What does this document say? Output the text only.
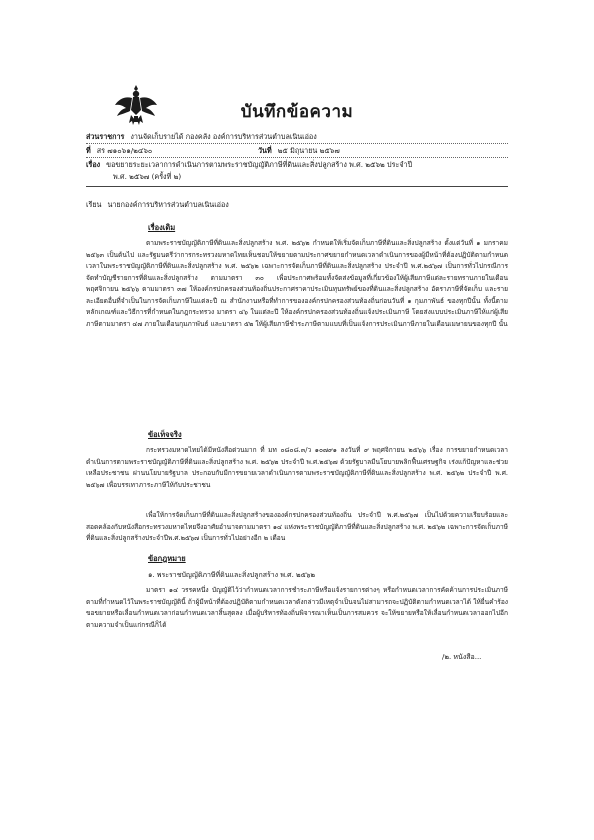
บันทึกข้อความ
ส่วนราชการ งานจัดเก็บรายได้ กองคลัง องค์การบริหารส่วนตำบลเนินเอ่อง
ที่ สร ๗๑๐๖๑/๒๔๖๐	วันที่ ๒๕ มิถุนายน ๒๕๖๗
เรื่อง ขอขยายระยะเวลาการดำเนินการตามพระราชบัญญัติภาษีที่ดินและสิ่งปลูกสร้าง พ.ศ. ๒๕๖๒ ประจำปี
พ.ศ. ๒๕๖๗ (ครั้งที่ ๒)
เรียน นายกองค์การบริหารส่วนตำบลเนินเอ่อง
เรื่องเดิม
ตามพระราชบัญญัติภาษีที่ดินและสิ่งปลูกสร้าง พ.ศ. ๒๕๖๒ กำหนดให้เริ่มจัดเก็บภาษีที่ดินและสิ่งปลูกสร้าง ตั้งแต่วันที่ ๑ มกราคม ๒๕๖๓ เป็นต้นไป และรัฐมนตรีว่าการกระทรวงมหาดไทยเห็นชอบให้ขยายตามประกาศขยายกำหนดเวลาดำเนินการของผู้มีหน้าที่ต้องปฏิบัติตามกำหนดเวลาในพระราชบัญญัติภาษีที่ดินและสิ่งปลูกสร้าง พ.ศ. ๒๕๖๒ เฉพาะการจัดเก็บภาษีที่ดินและสิ่งปลูกสร้าง ประจำปี พ.ศ.๒๕๖๗ เป็นการทั่วไปกรณีการจัดทำบัญชีรายการที่ดินและสิ่งปลูกสร้าง ตามมาตรา ๓๐ เพื่อประกาศพร้อมทั้งจัดส่งข้อมูลที่เกี่ยวข้องให้ผู้เสียภาษีแต่ละรายทราบภายในเดือน พฤศจิกายน ๒๕๖๖ ตามมาตรา ๓๗ ให้องค์กรปกครองส่วนท้องถิ่นประกาศราคาประเมินทุนทรัพย์ของที่ดินและสิ่งปลูกสร้าง อัตราภาษีที่จัดเก็บ และรายละเอียดอื่นที่จำเป็นในการจัดเก็บภาษีในแต่ละปี ณ สำนักงานหรือที่ทำการขององค์กรปกครองส่วนท้องถิ่นก่อนวันที่ ๑ กุมภาพันธ์ ของทุกปีนั้น ทั้งนี้ตามหลักเกณฑ์และวิธีการที่กำหนดในกฎกระทรวง มาตรา ๔๖ ในแต่ละปี ให้องค์กรปกครองส่วนท้องถิ่นแจ้งประเมินภาษี โดยส่งแบบประเมินภาษีให้แก่ผู้เสียภาษีตามมาตรา ๔๗ ภายในเดือนกุมภาพันธ์ และมาตรา ๕๒ ให้ผู้เสียภาษีชำระภาษีตามแบบที่เป็นแจ้งการประเมินภาษีภายในเดือนเมษายนของทุกปี นั้น
ข้อเท็จจริง
กระทรวงมหาดไทยได้มีหนังสือด่วนมาก ที่ มท ๐๘๐๘.๓/ว ๑๐๗๙๑ ลงวันที่ ๙ พฤศจิกายน ๒๕๖๖ เรื่อง การขยายกำหนดเวลาดำเนินการตามพระราชบัญญัติภาษีที่ดินและสิ่งปลูกสร้าง พ.ศ. ๒๕๖๒ ประจำปี พ.ศ.๒๕๖๗ ด้วยรัฐบาลมีนโยบายพลิกฟื้นเศรษฐกิจ เร่งแก้ปัญหาและช่วยเหลือประชาชน ผ่านนโยบายรัฐบาล ประกอบกับมีการขยายเวลาดำเนินการตามพระราชบัญญัติภาษีที่ดินและสิ่งปลูกสร้าง พ.ศ. ๒๕๖๒ ประจำปี พ.ศ. ๒๕๖๗ เพื่อบรรเทาภาระภาษีให้กับประชาชน
เพื่อให้การจัดเก็บภาษีที่ดินและสิ่งปลูกสร้างขององค์กรปกครองส่วนท้องถิ่น ประจำปี พ.ศ.๒๕๖๗ เป็นไปด้วยความเรียบร้อยและสอดคล้องกับหนังสือกระทรวงมหาดไทยจึงอาศัยอำนาจตามมาตรา ๑๔ แห่งพระราชบัญญัติภาษีที่ดินและสิ่งปลูกสร้าง พ.ศ. ๒๕๖๒ เฉพาะการจัดเก็บภาษีที่ดินและสิ่งปลูกสร้างประจำปีพ.ศ.๒๕๖๗ เป็นการทั่วไปอย่างอีก ๒ เดือน
ข้อกฎหมาย
๑. พระราชบัญญัติภาษีที่ดินและสิ่งปลูกสร้าง พ.ศ. ๒๕๖๒
มาตรา ๑๔ วรรคหนึ่ง บัญญัติไว้ว่ากำหนดเวลาการชำระภาษีหรือแจ้งรายการต่างๆ หรือกำหนดเวลาการคัดค้านการประเมินภาษีตามที่กำหนดไว้ในพระราชบัญญัตินี้ ถ้าผู้มีหน้าที่ต้องปฏิบัติตามกำหนดเวลาดังกล่าวมีเหตุจำเป็นจนไม่สามารถจะปฏิบัติตามกำหนดเวลาได้ ให้ยื่นคำร้องขอขยายหรือเลื่อนกำหนดเวลาก่อนกำหนดเวลาสิ้นสุดลง เมื่อผู้บริหารท้องถิ่นพิจารณาเห็นเป็นการสมควร จะให้ขยายหรือให้เลื่อนกำหนดเวลาออกไปอีกตามความจำเป็นแก่กรณีก็ได้
/๒. หนังสือ...
